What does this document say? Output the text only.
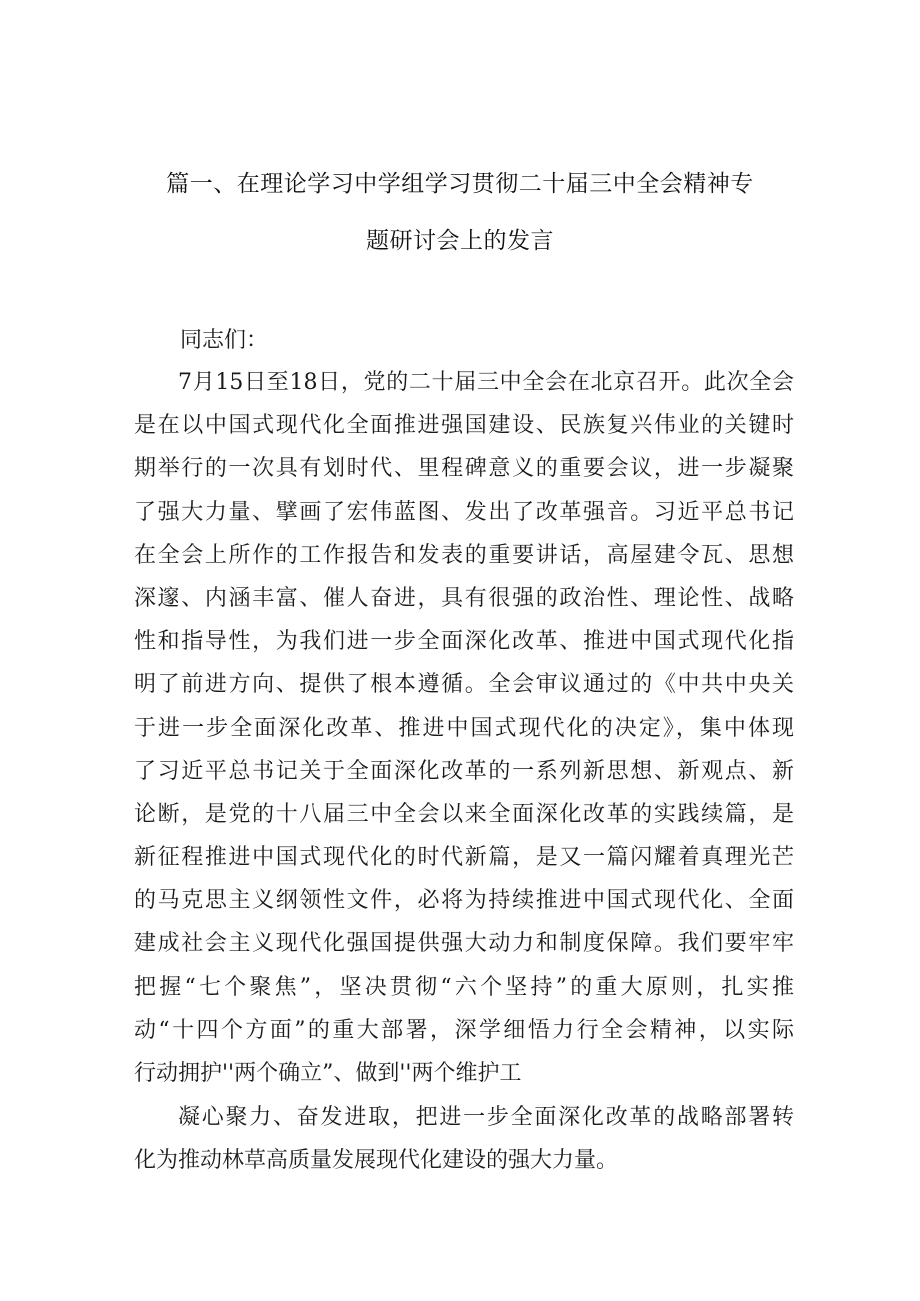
篇一、在理论学习中学组学习贯彻二十届三中全会精神专
题研讨会上的发言
同志们：
7月15日至18日，党的二十届三中全会在北京召开。此次全会
是在以中国式现代化全面推进强国建设、民族复兴伟业的关键时
期举行的一次具有划时代、里程碑意义的重要会议，进一步凝聚
了强大力量、擘画了宏伟蓝图、发出了改革强音。习近平总书记
在全会上所作的工作报告和发表的重要讲话，高屋建令瓦、思想
深邃、内涵丰富、催人奋进，具有很强的政治性、理论性、战略
性和指导性，为我们进一步全面深化改革、推进中国式现代化指
明了前进方向、提供了根本遵循。全会审议通过的《中共中央关
于进一步全面深化改革、推进中国式现代化的决定》，集中体现
了习近平总书记关于全面深化改革的一系列新思想、新观点、新
论断，是党的十八届三中全会以来全面深化改革的实践续篇，是
新征程推进中国式现代化的时代新篇，是又一篇闪耀着真理光芒
的马克思主义纲领性文件，必将为持续推进中国式现代化、全面
建成社会主义现代化强国提供强大动力和制度保障。我们要牢牢
把握“七个聚焦”，坚决贯彻“六个坚持”的重大原则，扎实推
动“十四个方面”的重大部署，深学细悟力行全会精神，以实际
行动拥护''两个确立”、做到''两个维护工
凝心聚力、奋发进取，把进一步全面深化改革的战略部署转
化为推动林草高质量发展现代化建设的强大力量。
